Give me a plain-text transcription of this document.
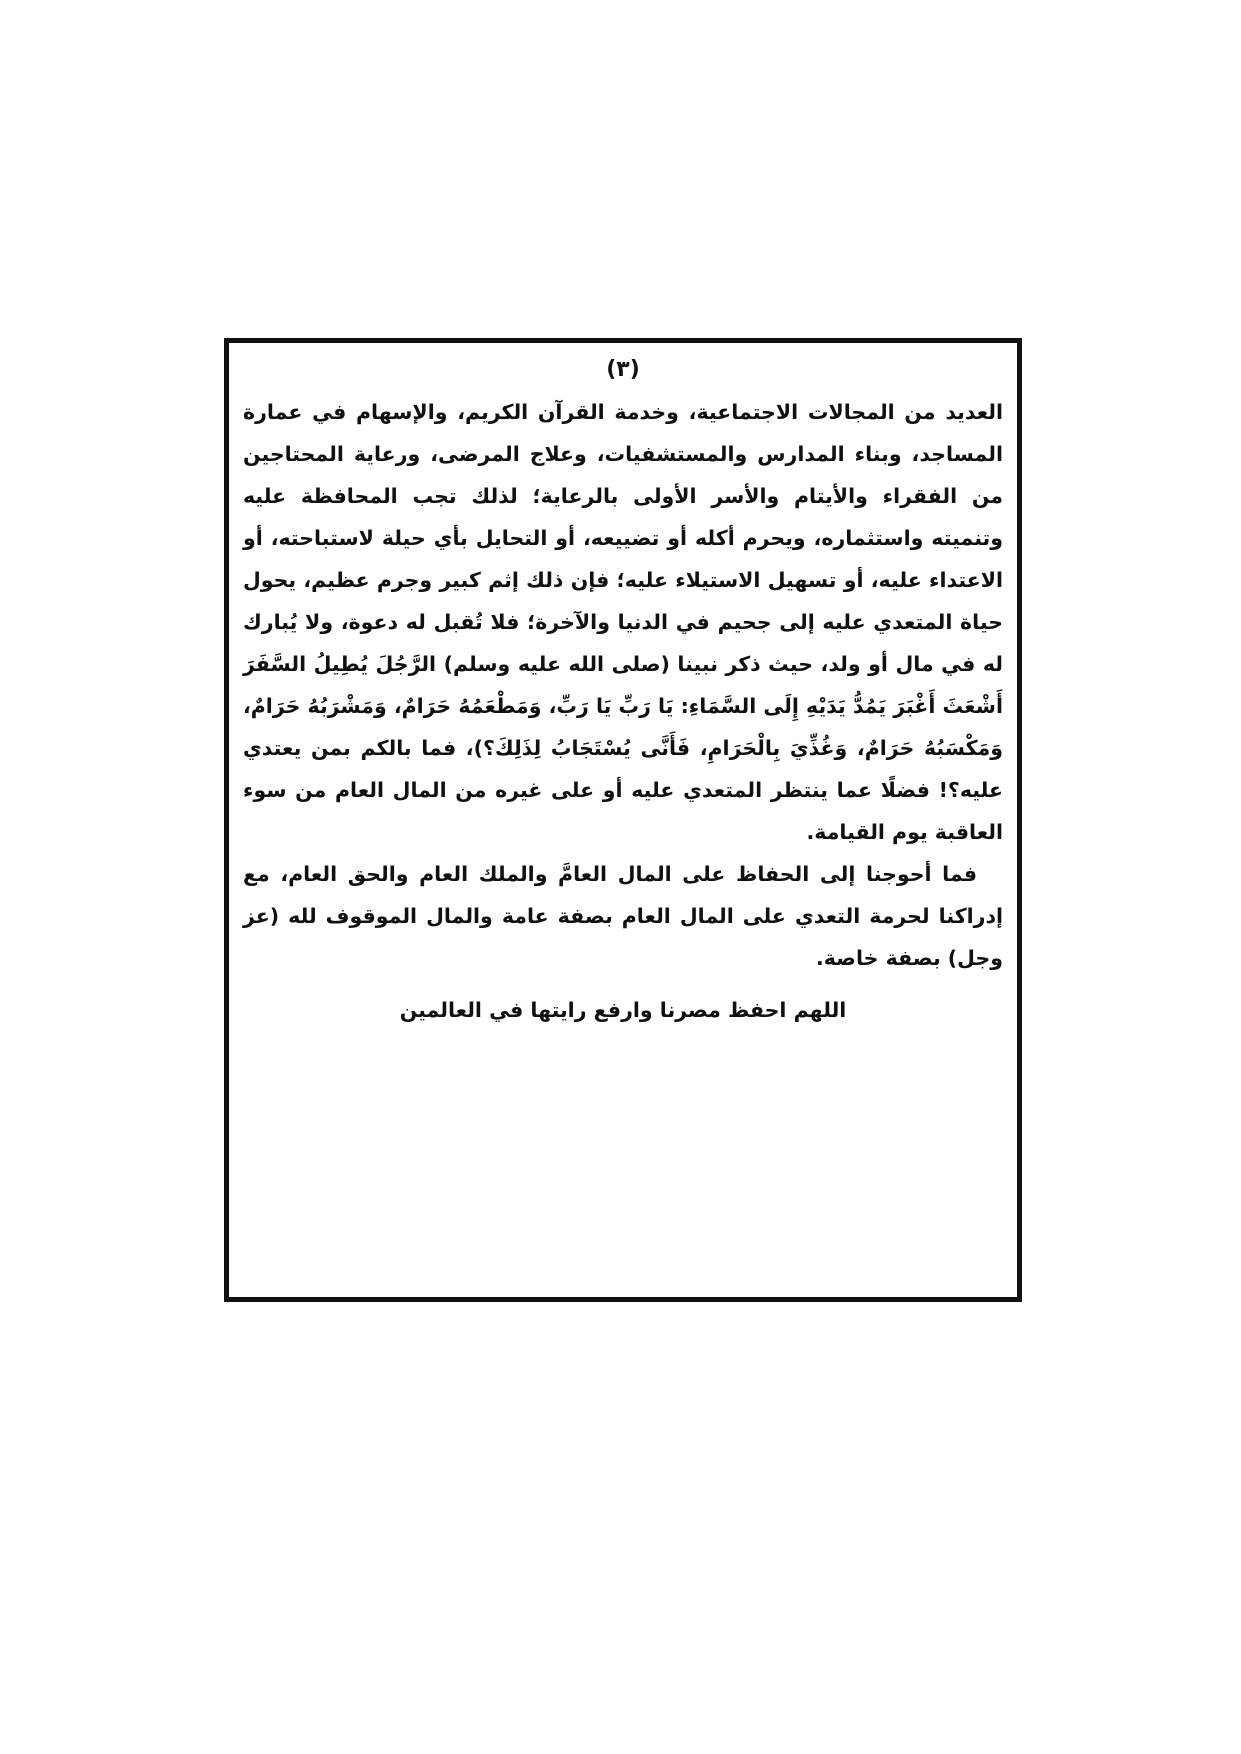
(٣)

العديد من المجالات الاجتماعية، وخدمة القرآن الكريم، والإسهام في عمارة المساجد، وبناء المدارس والمستشفيات، وعلاج المرضى، ورعاية المحتاجين من الفقراء والأيتام والأسر الأولى بالرعاية؛ لذلك تجب المحافظة عليه وتنميته واستثماره، ويحرم أكله أو تضييعه، أو التحايل بأي حيلة لاستباحته، أو الاعتداء عليه، أو تسهيل الاستيلاء عليه؛ فإن ذلك إثم كبير وجرم عظيم، يحول حياة المتعدي عليه إلى جحيم في الدنيا والآخرة؛ فلا تُقبل له دعوة، ولا يُبارك له في مال أو ولد، حيث ذكر نبينا (صلى الله عليه وسلم) الرَّجُلَ يُطِيلُ السَّفَرَ أَشْعَثَ أَغْبَرَ يَمُدُّ يَدَيْهِ إِلَى السَّمَاءِ: يَا رَبِّ يَا رَبِّ، وَمَطْعَمُهُ حَرَامٌ، وَمَشْرَبُهُ حَرَامٌ، وَمَكْسَبُهُ حَرَامٌ، وَغُذِّيَ بِالْحَرَامِ، فَأَنَّى يُسْتَجَابُ لِذَلِكَ؟)، فما بالكم بمن يعتدي عليه؟! فضلًا عما ينتظر المتعدي عليه أو على غيره من المال العام من سوء العاقبة يوم القيامة.

فما أحوجنا إلى الحفاظ على المال العامَّ والملك العام والحق العام، مع إدراكنا لحرمة التعدي على المال العام بصفة عامة والمال الموقوف لله (عز وجل) بصفة خاصة.

اللهم احفظ مصرنا وارفع رايتها في العالمين
